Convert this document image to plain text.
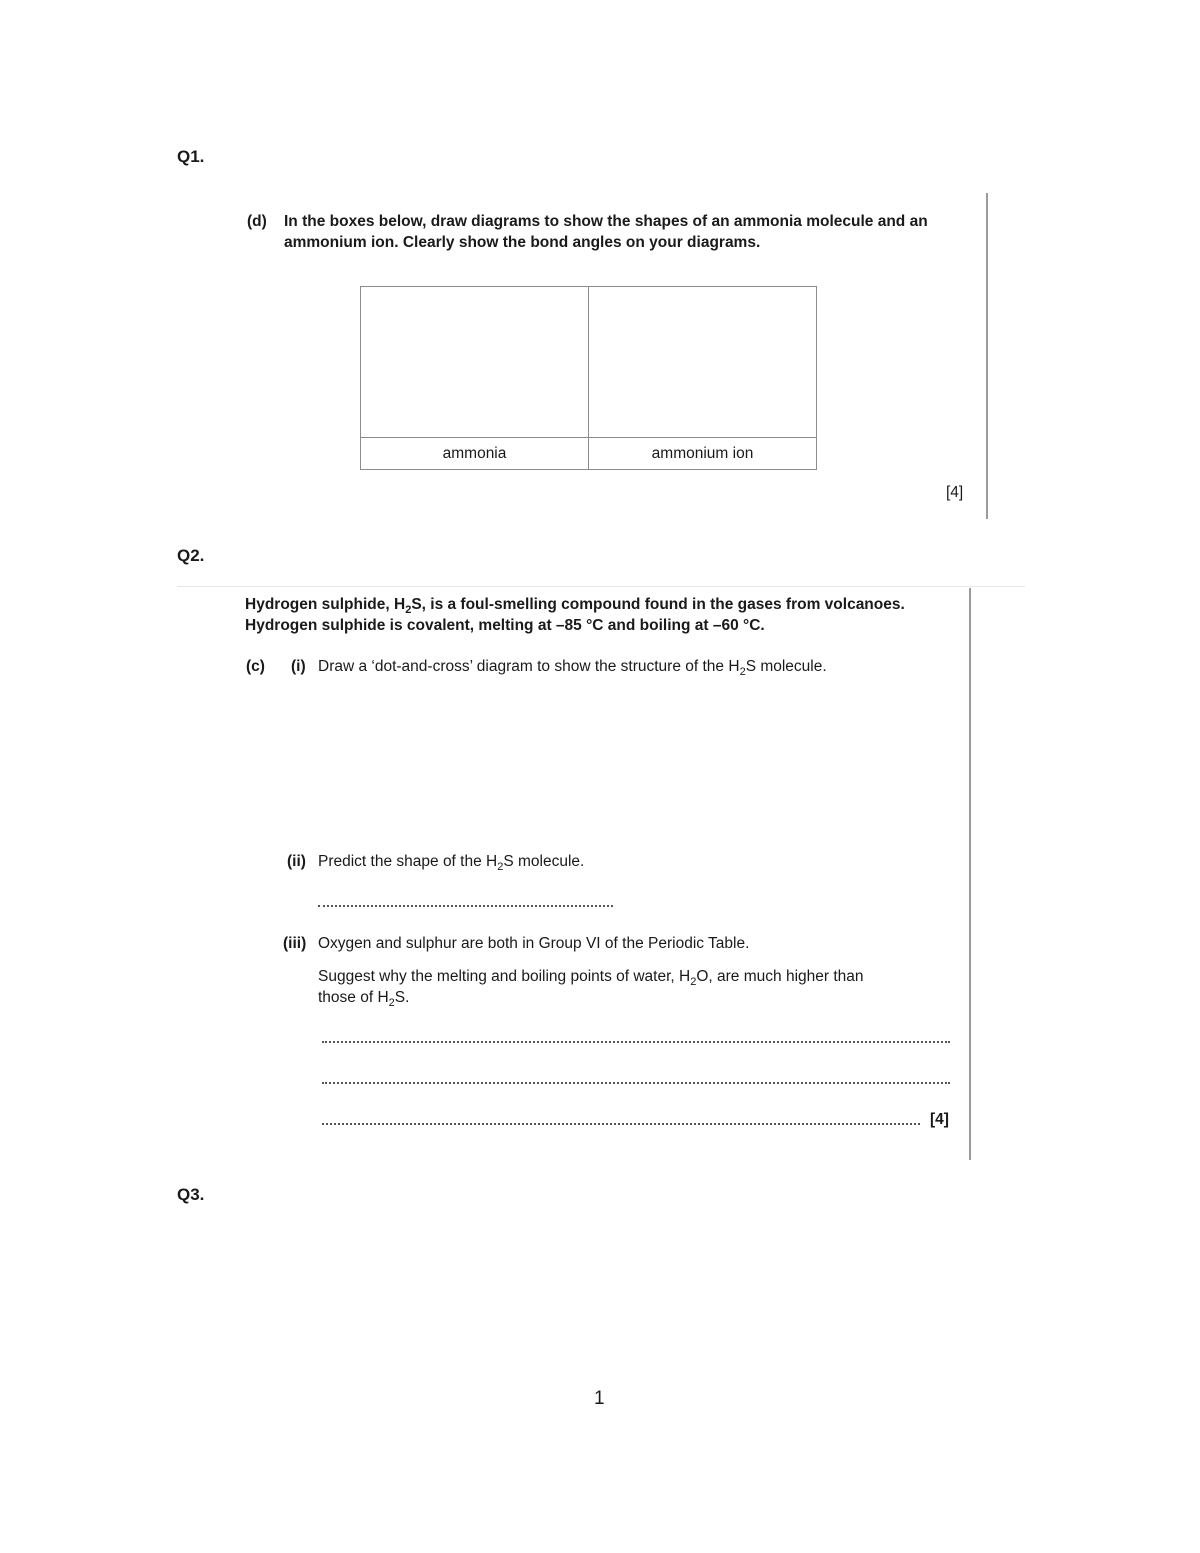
Q1.
(d) In the boxes below, draw diagrams to show the shapes of an ammonia molecule and an
ammonium ion. Clearly show the bond angles on your diagrams.

ammonia	ammonium ion
[4]
Q2.
Hydrogen sulphide, $H_2S$, is a foul-smelling compound found in the gases from volcanoes.
Hydrogen sulphide is covalent, melting at –85 °C and boiling at –60 °C.
(c) (i) Draw a ‘dot-and-cross’ diagram to show the structure of the $H_2S$ molecule.
(ii) Predict the shape of the $H_2S$ molecule.
(iii) Oxygen and sulphur are both in Group VI of the Periodic Table.
Suggest why the melting and boiling points of water, $H_2O$, are much higher than
those of $H_2S$.
[4]
Q3.
1
